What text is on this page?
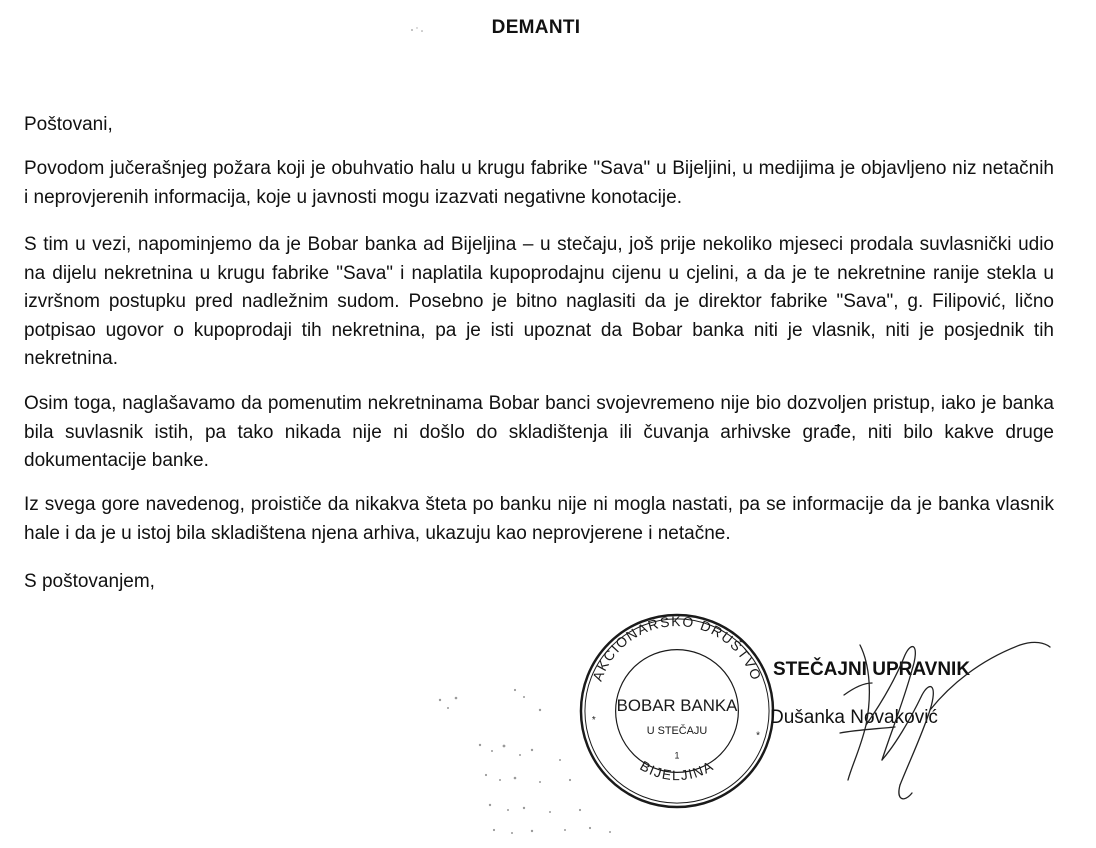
DEMANTI
Poštovani,
Povodom jučerašnjeg požara koji je obuhvatio halu u krugu fabrike "Sava" u Bijeljini, u medijima je objavljeno niz netačnih i neprovjerenih informacija, koje u javnosti mogu izazvati negativne konotacije.
S tim u vezi, napominjemo da je Bobar banka ad Bijeljina – u stečaju, još prije nekoliko mjeseci prodala suvlasnički udio na dijelu nekretnina u krugu fabrike "Sava" i naplatila kupoprodajnu cijenu u cjelini, a da je te nekretnine ranije stekla u izvršnom postupku pred nadležnim sudom. Posebno je bitno naglasiti da je direktor fabrike "Sava", g. Filipović, lično potpisao ugovor o kupoprodaji tih nekretnina, pa je isti upoznat da Bobar banka niti je vlasnik, niti je posjednik tih nekretnina.
Osim toga, naglašavamo da pomenutim nekretninama Bobar banci svojevremeno nije bio dozvoljen pristup, iako je banka bila suvlasnik istih, pa tako nikada nije ni došlo do skladištenja ili čuvanja arhivske građe, niti bilo kakve druge dokumentacije banke.
Iz svega gore navedenog, proističe da nikakva šteta po banku nije ni mogla nastati, pa se informacije da je banka vlasnik hale i da je u istoj bila skladištena njena arhiva, ukazuju kao neprovjerene i netačne.
S poštovanjem,
AKCIONARSKO DRUŠTVO
BOBAR BANKA
U STEČAJU
1
BIJELJINA
*
*
STEČAJNI UPRAVNIK
Dušanka Novaković
